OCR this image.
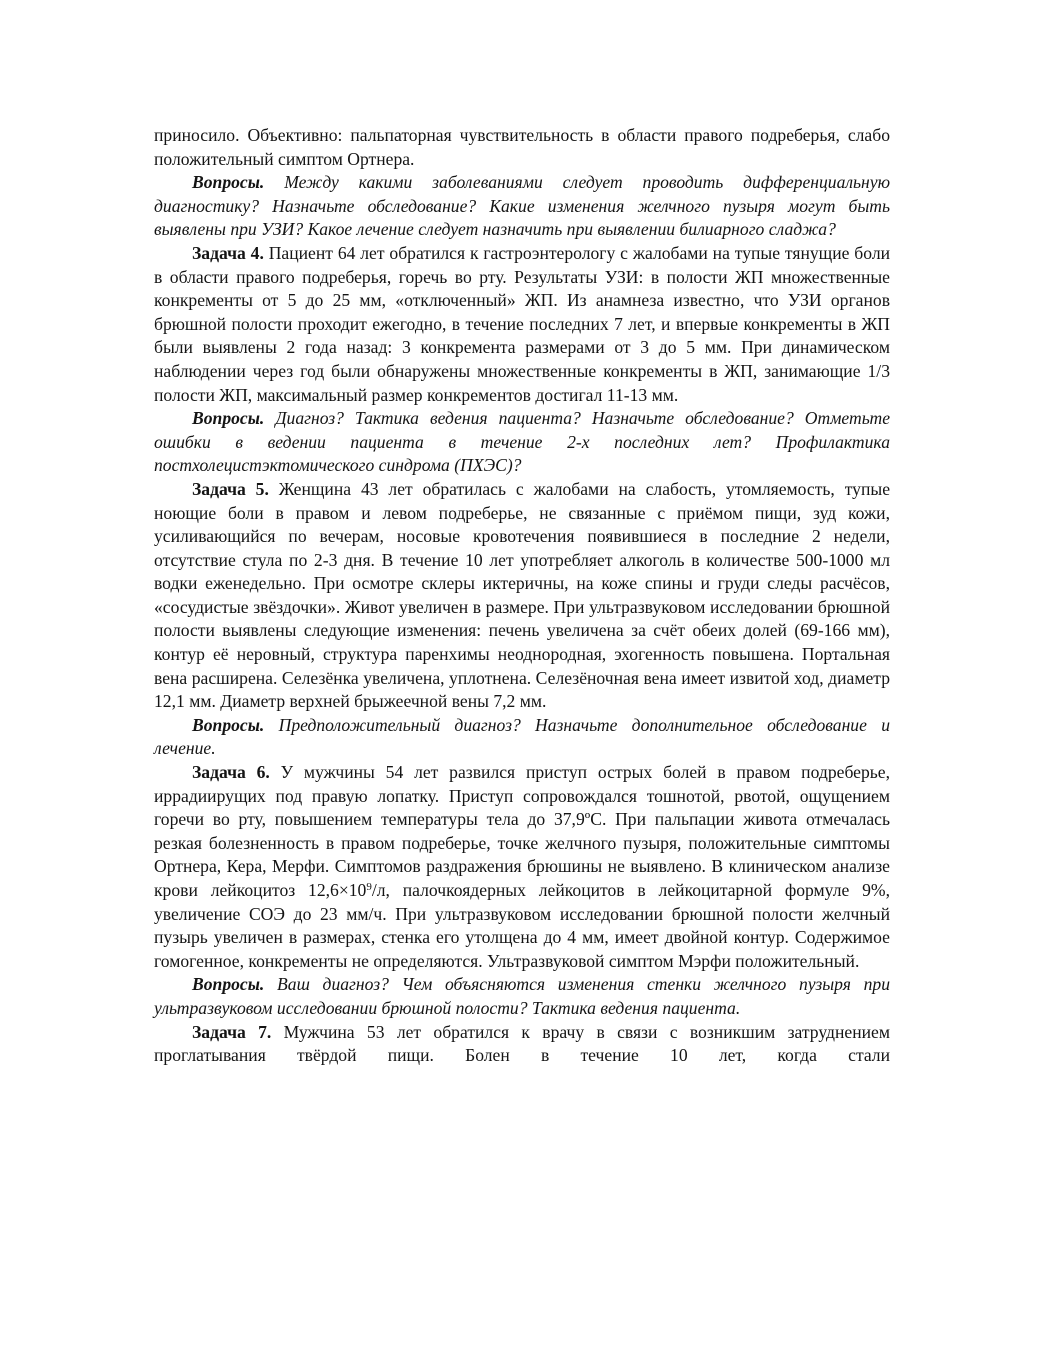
приносило. Объективно: пальпаторная чувствительность в области правого подреберья, слабо положительный симптом Ортнера.

Вопросы. Между какими заболеваниями следует проводить дифференциальную диагностику? Назначьте обследование? Какие изменения желчного пузыря могут быть выявлены при УЗИ? Какое лечение следует назначить при выявлении билиарного сладжа?

Задача 4. Пациент 64 лет обратился к гастроэнтерологу с жалобами на тупые тянущие боли в области правого подреберья, горечь во рту. Результаты УЗИ: в полости ЖП множественные конкременты от 5 до 25 мм, «отключенный» ЖП. Из анамнеза известно, что УЗИ органов брюшной полости проходит ежегодно, в течение последних 7 лет, и впервые конкременты в ЖП были выявлены 2 года назад: 3 конкремента размерами от 3 до 5 мм. При динамическом наблюдении через год были обнаружены множественные конкременты в ЖП, занимающие 1/3 полости ЖП, максимальный размер конкрементов достигал 11-13 мм.

Вопросы. Диагноз? Тактика ведения пациента? Назначьте обследование? Отметьте ошибки в ведении пациента в течение 2-х последних лет? Профилактика постхолецистэктомического синдрома (ПХЭС)?

Задача 5. Женщина 43 лет обратилась с жалобами на слабость, утомляемость, тупые ноющие боли в правом и левом подреберье, не связанные с приёмом пищи, зуд кожи, усиливающийся по вечерам, носовые кровотечения появившиеся в последние 2 недели, отсутствие стула по 2-3 дня. В течение 10 лет употребляет алкоголь в количестве 500-1000 мл водки еженедельно. При осмотре склеры иктеричны, на коже спины и груди следы расчёсов, «сосудистые звёздочки». Живот увеличен в размере. При ультразвуковом исследовании брюшной полости выявлены следующие изменения: печень увеличена за счёт обеих долей (69-166 мм), контур её неровный, структура паренхимы неоднородная, эхогенность повышена. Портальная вена расширена. Селезёнка увеличена, уплотнена. Селезёночная вена имеет извитой ход, диаметр 12,1 мм. Диаметр верхней брыжеечной вены 7,2 мм.

Вопросы. Предположительный диагноз? Назначьте дополнительное обследование и лечение.

Задача 6. У мужчины 54 лет развился приступ острых болей в правом подреберье, иррадиирущих под правую лопатку. Приступ сопровождался тошнотой, рвотой, ощущением горечи во рту, повышением температуры тела до 37,9ºС. При пальпации живота отмечалась резкая болезненность в правом подреберье, точке желчного пузыря, положительные симптомы Ортнера, Кера, Мерфи. Симптомов раздражения брюшины не выявлено. В клиническом анализе крови лейкоцитоз $12,6\times 10^9/л$, палочкоядерных лейкоцитов в лейкоцитарной формуле 9%, увеличение СОЭ до 23 мм/ч. При ультразвуковом исследовании брюшной полости желчный пузырь увеличен в размерах, стенка его утолщена до 4 мм, имеет двойной контур. Содержимое гомогенное, конкременты не определяются. Ультразвуковой симптом Мэрфи положительный.

Вопросы. Ваш диагноз? Чем объясняются изменения стенки желчного пузыря при ультразвуковом исследовании брюшной полости? Тактика ведения пациента.

Задача 7. Мужчина 53 лет обратился к врачу в связи с возникшим затруднением проглатывания твёрдой пищи. Болен в течение 10 лет, когда стали
